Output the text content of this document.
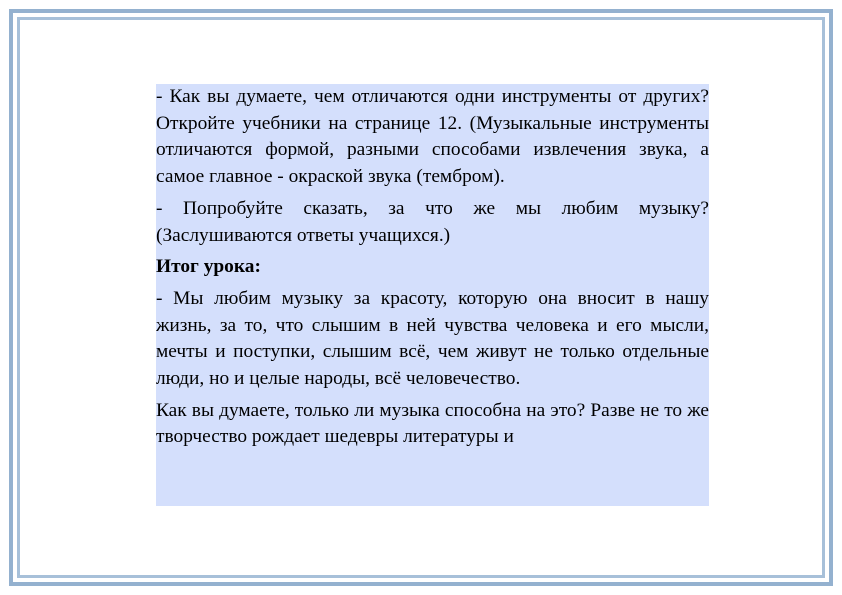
- Как вы думаете, чем отличаются одни инструменты от других? Откройте учебники на странице 12. (Музыкальные инструменты отличаются формой, разными способами извлечения звука, а самое главное - окраской звука (тембром).

- Попробуйте сказать, за что же мы любим музыку? (Заслушиваются ответы учащихся.)

Итог урока:

- Мы любим музыку за красоту, которую она вносит в нашу жизнь, за то, что слышим в ней чувства человека и его мысли, мечты и поступки, слышим всё, чем живут не только отдельные люди, но и целые народы, всё человечество.

Как вы думаете, только ли музыка способна на это? Разве не то же творчество рождает шедевры литературы и
